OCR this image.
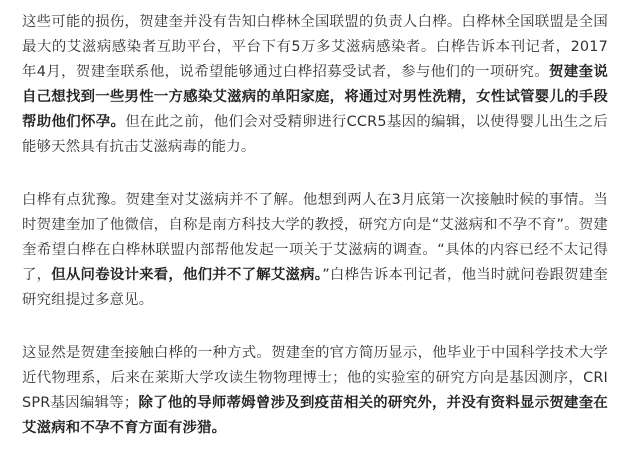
这些可能的损伤，贺建奎并没有告知白桦林全国联盟的负责人白桦。白桦林全国联盟是全国最大的艾滋病感染者互助平台，平台下有5万多艾滋病感染者。白桦告诉本刊记者，2017年4月，贺建奎联系他，说希望能够通过白桦招募受试者，参与他们的一项研究。贺建奎说自己想找到一些男性一方感染艾滋病的单阳家庭，将通过对男性洗精，女性试管婴儿的手段帮助他们怀孕。但在此之前，他们会对受精卵进行CCR5基因的编辑，以使得婴儿出生之后能够天然具有抗击艾滋病毒的能力。

白桦有点犹豫。贺建奎对艾滋病并不了解。他想到两人在3月底第一次接触时候的事情。当时贺建奎加了他微信，自称是南方科技大学的教授，研究方向是“艾滋病和不孕不育”。贺建奎希望白桦在白桦林联盟内部帮他发起一项关于艾滋病的调查。“具体的内容已经不太记得了，但从问卷设计来看，他们并不了解艾滋病。”白桦告诉本刊记者，他当时就问卷跟贺建奎研究组提过多意见。

这显然是贺建奎接触白桦的一种方式。贺建奎的官方简历显示，他毕业于中国科学技术大学近代物理系，后来在莱斯大学攻读生物物理博士；他的实验室的研究方向是基因测序，CRISPR基因编辑等；除了他的导师蒂姆曾涉及到疫苗相关的研究外，并没有资料显示贺建奎在艾滋病和不孕不育方面有涉猎。
